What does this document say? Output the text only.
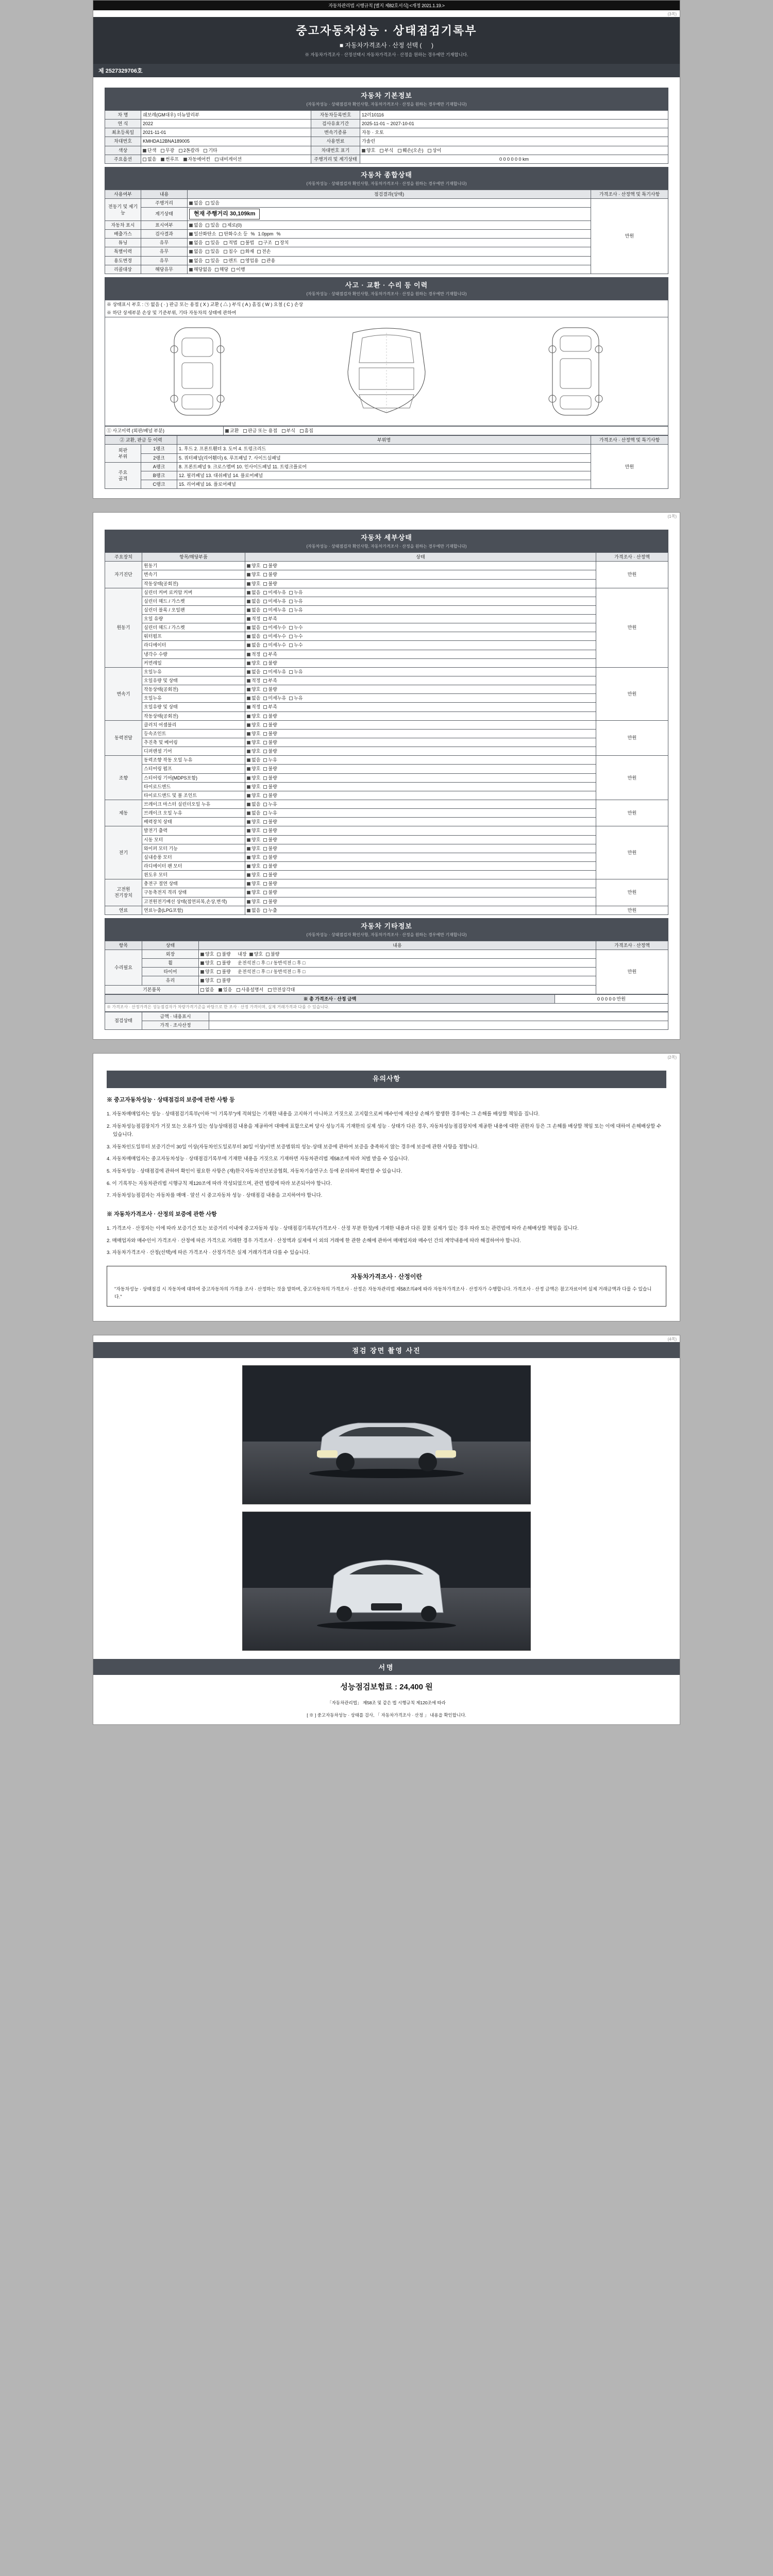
자동차관리법 시행규칙 [별지 제82호서식] <개정 2021.1.19.>
(3쪽)
중고자동차성능 · 상태점검기록부
■ 자동차가격조사 · 산정 선택 ( 　 )
※ 자동차가격조사 · 산정선택시 자동차가격조사 · 산정을 원하는 경우에만 기재합니다.
제 2527329706호
자동차 기본정보
(자동차성능 · 상태점검자 확인사항, 자동차가격조사 · 산정을 원하는 경우에만 기재합니다)
차 명	쉐보레(GM대우) 더뉴말리부	자동차등록번호	12러10116
연 식	2022	검사유효기간	2025-11-01 ~ 2027-10-01
최초등록일	2021-11-01	변속기종류	자동 · 오토
차대번호	KMHDA12BNA189005	사용연료	가솔린
색상	단색 무광 2톤칼라 기타	차대번호 표기	양호 부식 훼손(오손) 상이
주요옵션	없음 썬루프 자동에어컨 내비게이션	주행거리 및 계기상태	0 0 0 0 0 0 km
자동차 종합상태
(자동차성능 · 상태점검자 확인사항, 자동차가격조사 · 산정을 원하는 경우에만 기재합니다)
사용여부	내용	점검결과(상태)	가격조사 · 산정액 및 특기사항
전동기 및 제기능	주행거리	없음 있음	만원
	계기상태	현재 주행거리 30,109km	
자동차 표시	표시여부	없음 있음 제로(0)	
배출가스	검사결과	일산화탄소 탄화수소 등 % 1.0ppm %	
튜닝	유무	없음 있음 적법 불법 구조 장치	
특별이력	유무	없음 있음 침수 화재 전손	
용도변경	유무	없음 있음 렌트 영업용 관용	
리콜대상	해당유무	해당없음 해당 이행	
사고 · 교환 · 수리 등 이력
(자동차성능 · 상태점검자 확인사항, 자동차가격조사 · 산정을 원하는 경우에만 기재합니다)
※ 상태표시 부호 : ㉠ 없음 ( · ) 판금 또는 용접 ( X ) 교환 ( △ ) 부식 ( A ) 흠집 ( W ) 요철 ( C ) 손상
※ 하단 상세부분 손상 및 기준부위, 기타 자동차의 상태에 관하여
① 사고이력 (외판/패널 부분)	교환 판금 또는 용접 부식 흠집
② 교환, 판금 등 이력		부위명	가격조사 · 산정액 및 특기사항
외판
부위	1랭크	1. 후드 2. 프론트휀더 3. 도어 4. 트렁크리드	만원
	2랭크	5. 쿼터패널(리어휀더) 6. 루프패널 7. 사이드실패널	
주요
골격	A랭크	8. 프론트패널 9. 크로스멤버 10. 인사이드패널 11. 트렁크플로어	
	B랭크	12. 필러패널 13. 대쉬패널 14. 플로어패널	
	C랭크	15. 리어패널 16. 플로어패널	
(1쪽)
자동차 세부상태
(자동차성능 · 상태점검자 확인사항, 자동차가격조사 · 산정을 원하는 경우에만 기재합니다)
주요장치	항목/해당부품	상태	가격조사 · 산정액
자기진단	원동기	양호 불량	만원
	변속기	양호 불량	
	작동상태(공회전)	양호 불량	
원동기	실린더 커버 로커암 커버	없음 미세누유 누유	만원
	실린더 헤드 / 가스켓	없음 미세누유 누유	
	실린더 블록 / 오일팬	없음 미세누유 누유	
	오일 유량	적정 부족	
	실린더 헤드 / 가스켓	없음 미세누수 누수	
	워터펌프	없음 미세누수 누수	
	라디에이터	없음 미세누수 누수	
	냉각수 수량	적정 부족	
	커먼레일	양호 불량	
변속기	오일누유	없음 미세누유 누유	만원
	오일유량 및 상태	적정 부족	
	작동상태(공회전)	양호 불량	
	오일누유	없음 미세누유 누유	
	오일유량 및 상태	적정 부족	
	작동상태(공회전)	양호 불량	
동력전달	클러치 어셈블리	양호 불량	만원
	등속조인트	양호 불량	
	추진축 및 베어링	양호 불량	
	디퍼렌셜 기어	양호 불량	
조향	동력조향 작동 오일 누유	없음 누유	만원
	스티어링 펌프	양호 불량	
	스티어링 기어(MDPS포함)	양호 불량	
	타이로드엔드	양호 불량	
	타이로드앤드 및 볼 조인트	양호 불량	
제동	브레이크 마스터 실린더오일 누유	없음 누유	만원
	브레이크 오일 누유	없음 누유	
	배력장치 상태	양호 불량	
전기	발전기 출력	양호 불량	만원
	시동 모터	양호 불량	
	와이퍼 모터 기능	양호 불량	
	실내송풍 모터	양호 불량	
	라디에이터 팬 모터	양호 불량	
	윈도우 모터	양호 불량	
고전원
전기장치	충전구 절연 상태	양호 불량	만원
	구동축전지 격리 상태	양호 불량	
	고전원전기배선 상태(접연피복,손상,변색)	양호 불량	
연료	연료누출(LPG포함)	없음 누출	만원
자동차 기타정보
(자동차성능 · 상태점검자 확인사항, 자동차가격조사 · 산정을 원하는 경우에만 기재합니다)
항목	상태	내용	가격조사 · 산정액
수리필요	외장	양호 불량 내장 양호 불량	만원
	휠	양호 불량 운전석전 □ 후 □ / 동반석전 □ 후 □	
	타이어	양호 불량 운전석전 □ 후 □ / 동반석전 □ 후 □	
	유리	양호 불량	
기본품목		없음 있음 사용설명서 안전삼각대	
※ 총 가격조사 · 산정 금액	0 0 0 0 0 만원
※ 가격조사 · 산정가격은 성능점검자가 차량가격기준을 바탕으로 한 조사 · 산정 가격이며, 실제 거래가격과 다를 수 있습니다.
점검상태	금액 · 내용표시	
	가격 · 조사산정	
(2쪽)
유의사항
※ 중고자동차성능 · 상태점검의 보증에 관한 사항 등

1. 자동차매매업자는 성능 · 상태점검기록부(이하 "이 기록부")에 적혀있는 기재한 내용을 고지하기 아니하고 거짓으로 고지함으로써 매수인에 재산상 손해가 발생한 경우에는 그 손해를 배상할 책임을 집니다.

2. 자동차성능점검장치가 거짓 또는 오류가 있는 성능상태점검 내용을 제공하여 대매에 표함으로써 당사 성능기록 기재한의 실제 성능 · 상태가 다른 경우, 자동차성능점검장치에 제공한 내용에 대한 권한자 등은 그 손해를 배상할 책임 또는 이에 대하여 손해배상할 수 있습니다.

3. 자동차인도일부터 보증기간이 30일 이상(자동차인도일로부터 30일 이상)이면 보증범위의 성능·상태 보증에 관하여 보증을 충족하지 않는 경우에 보증에 관한 사항을 정합니다.

4. 자동차매매업자는 중고자동차성능 · 상태점검기록부에 기재한 내용을 거짓으로 기재하면 자동차관리법 제58조에 따라 처벌 받을 수 있습니다.

5. 자동차성능 · 상태점검에 관하여 확인이 필요한 사항은 (재)한국자동차진단보증협회, 자동차기술연구소 등에 문의하여 확인할 수 있습니다.

6. 이 기록부는 자동차관리법 시행규칙 제120조에 따라 작성되었으며, 관련 법령에 따라 보존되어야 합니다.

7. 자동차성능점검자는 자동차를 매매 · 알선 시 중고자동차 성능 · 상태점검 내용을 고지하여야 합니다.

※ 자동차가격조사 · 산정의 보증에 관한 사항

1. 가격조사 · 산정자는 이에 따라 보증기간 또는 보증거리 이내에 중고자동차 성능 · 상태점검기록부(가격조사 · 산정 부분 한정)에 기재한 내용과 다른 잘못 실제가 있는 경우 따라 또는 관련법에 따라 손해배상할 책임을 집니다.

2. 매매업자와 매수인이 가격조사 · 산정에 따른 가격으로 거래한 경우 가격조사 · 산정액과 실제에 이 외의 거래에 한 관한 손해에 관하여 매매업자와 매수인 간의 계약내용에 따라 해결하여야 합니다.

3. 자동차가격조사 · 산정(선택)에 따른 가격조사 · 산정가격은 실제 거래가격과 다를 수 있습니다.

자동차가격조사 · 산정이란
"자동차성능 · 상태점검 시 자동차에 대하여 중고자동차의 가격을 조사 · 산정하는 것을 말하며, 중고자동차의 가격조사 · 산정은 자동차관리법 제58조의4에 따라 자동차가격조사 · 산정자가 수행합니다. 가격조사 · 산정 금액은 참고자료이며 실제 거래금액과 다를 수 있습니다."
(4쪽)
점검 장면 촬영 사진
서명
성능점검보험료 : 24,400 원
「자동차관리법」 제58조 및 같은 법 시행규칙 제120조에 따라
[ ※ ] 중고자동차성능 · 상태를 검사, 「 자동차가격조사 · 산정 」 내용을 확인합니다.
